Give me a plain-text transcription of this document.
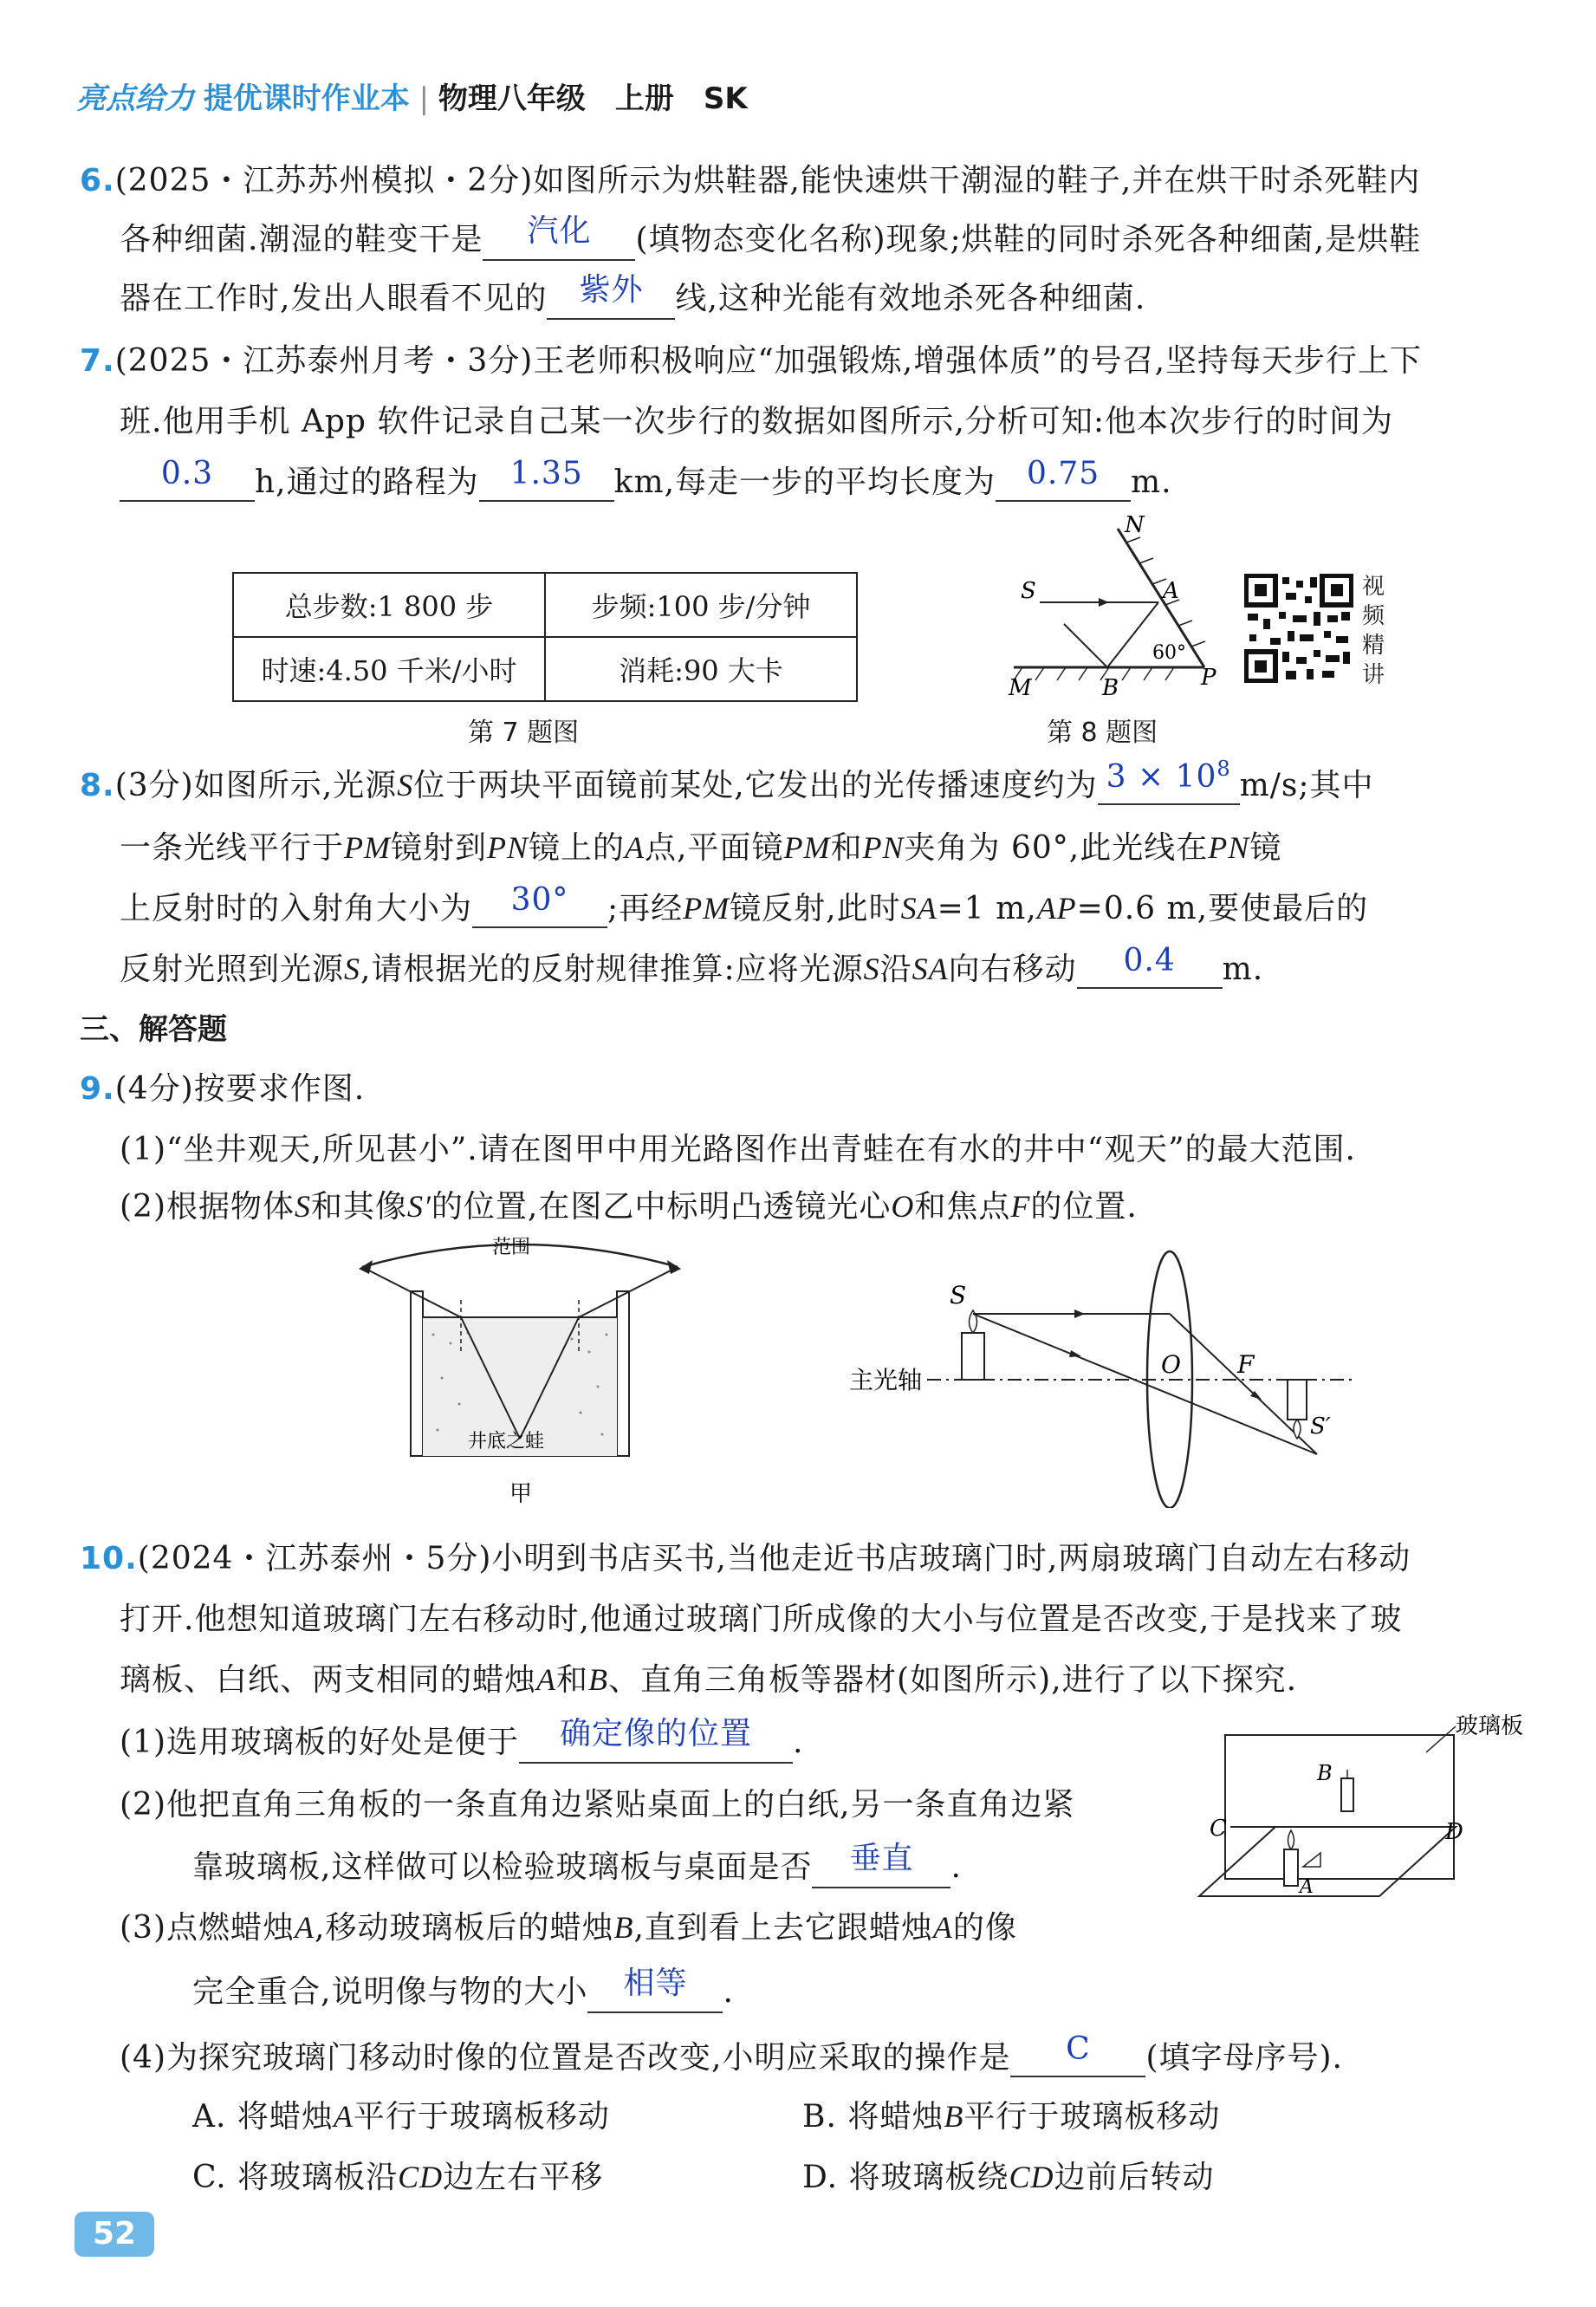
亮点给力 提优课时作业本 | 物理八年级　上册　SK
6.(2025・江苏苏州模拟・2分)如图所示为烘鞋器,能快速烘干潮湿的鞋子,并在烘干时杀死鞋内
各种细菌.潮湿的鞋变干是 汽化 (填物态变化名称)现象;烘鞋的同时杀死各种细菌,是烘鞋
器在工作时,发出人眼看不见的 紫外 线,这种光能有效地杀死各种细菌.
7.(2025・江苏泰州月考・3分)王老师积极响应“加强锻炼,增强体质”的号召,坚持每天步行上下
班.他用手机 App 软件记录自己某一次步行的数据如图所示,分析可知:他本次步行的时间为
0.3 h,通过的路程为 1.35 km,每走一步的平均长度为 0.75 m.
总步数:1 800 步	步频:100 步/分钟
时速:4.50 千米/小时	消耗:90 大卡
第 7 题图
N
S	A
60°
M	B	P
第 8 题图
视
频
精
讲
8.(3分)如图所示,光源S位于两块平面镜前某处,它发出的光传播速度约为 $3 \times 10^8$ m/s;其中
一条光线平行于PM镜射到PN镜上的A点,平面镜PM和PN夹角为 60°,此光线在PN镜
上反射时的入射角大小为 30° ;再经PM镜反射,此时SA=1 m,AP=0.6 m,要使最后的
反射光照到光源S,请根据光的反射规律推算:应将光源S沿SA向右移动 0.4 m.
三、解答题
9.(4分)按要求作图.
(1)“坐井观天,所见甚小”.请在图甲中用光路图作出青蛙在有水的井中“观天”的最大范围.
(2)根据物体S和其像S′的位置,在图乙中标明凸透镜光心O和焦点F的位置.
范围
井底之蛙
甲
主光轴
S
O F
S′
10.(2024・江苏泰州・5分)小明到书店买书,当他走近书店玻璃门时,两扇玻璃门自动左右移动
打开.他想知道玻璃门左右移动时,他通过玻璃门所成像的大小与位置是否改变,于是找来了玻
璃板、白纸、两支相同的蜡烛A和B、直角三角板等器材(如图所示),进行了以下探究.
(1)选用玻璃板的好处是便于 确定像的位置 .
(2)他把直角三角板的一条直角边紧贴桌面上的白纸,另一条直角边紧
靠玻璃板,这样做可以检验玻璃板与桌面是否 垂直 .
(3)点燃蜡烛A,移动玻璃板后的蜡烛B,直到看上去它跟蜡烛A的像
完全重合,说明像与物的大小 相等 .
(4)为探究玻璃门移动时像的位置是否改变,小明应采取的操作是 C (填字母序号).
A. 将蜡烛A平行于玻璃板移动	B. 将蜡烛B平行于玻璃板移动
C. 将玻璃板沿CD边左右平移	D. 将玻璃板绕CD边前后转动
B
A
C	D
玻璃板
52
